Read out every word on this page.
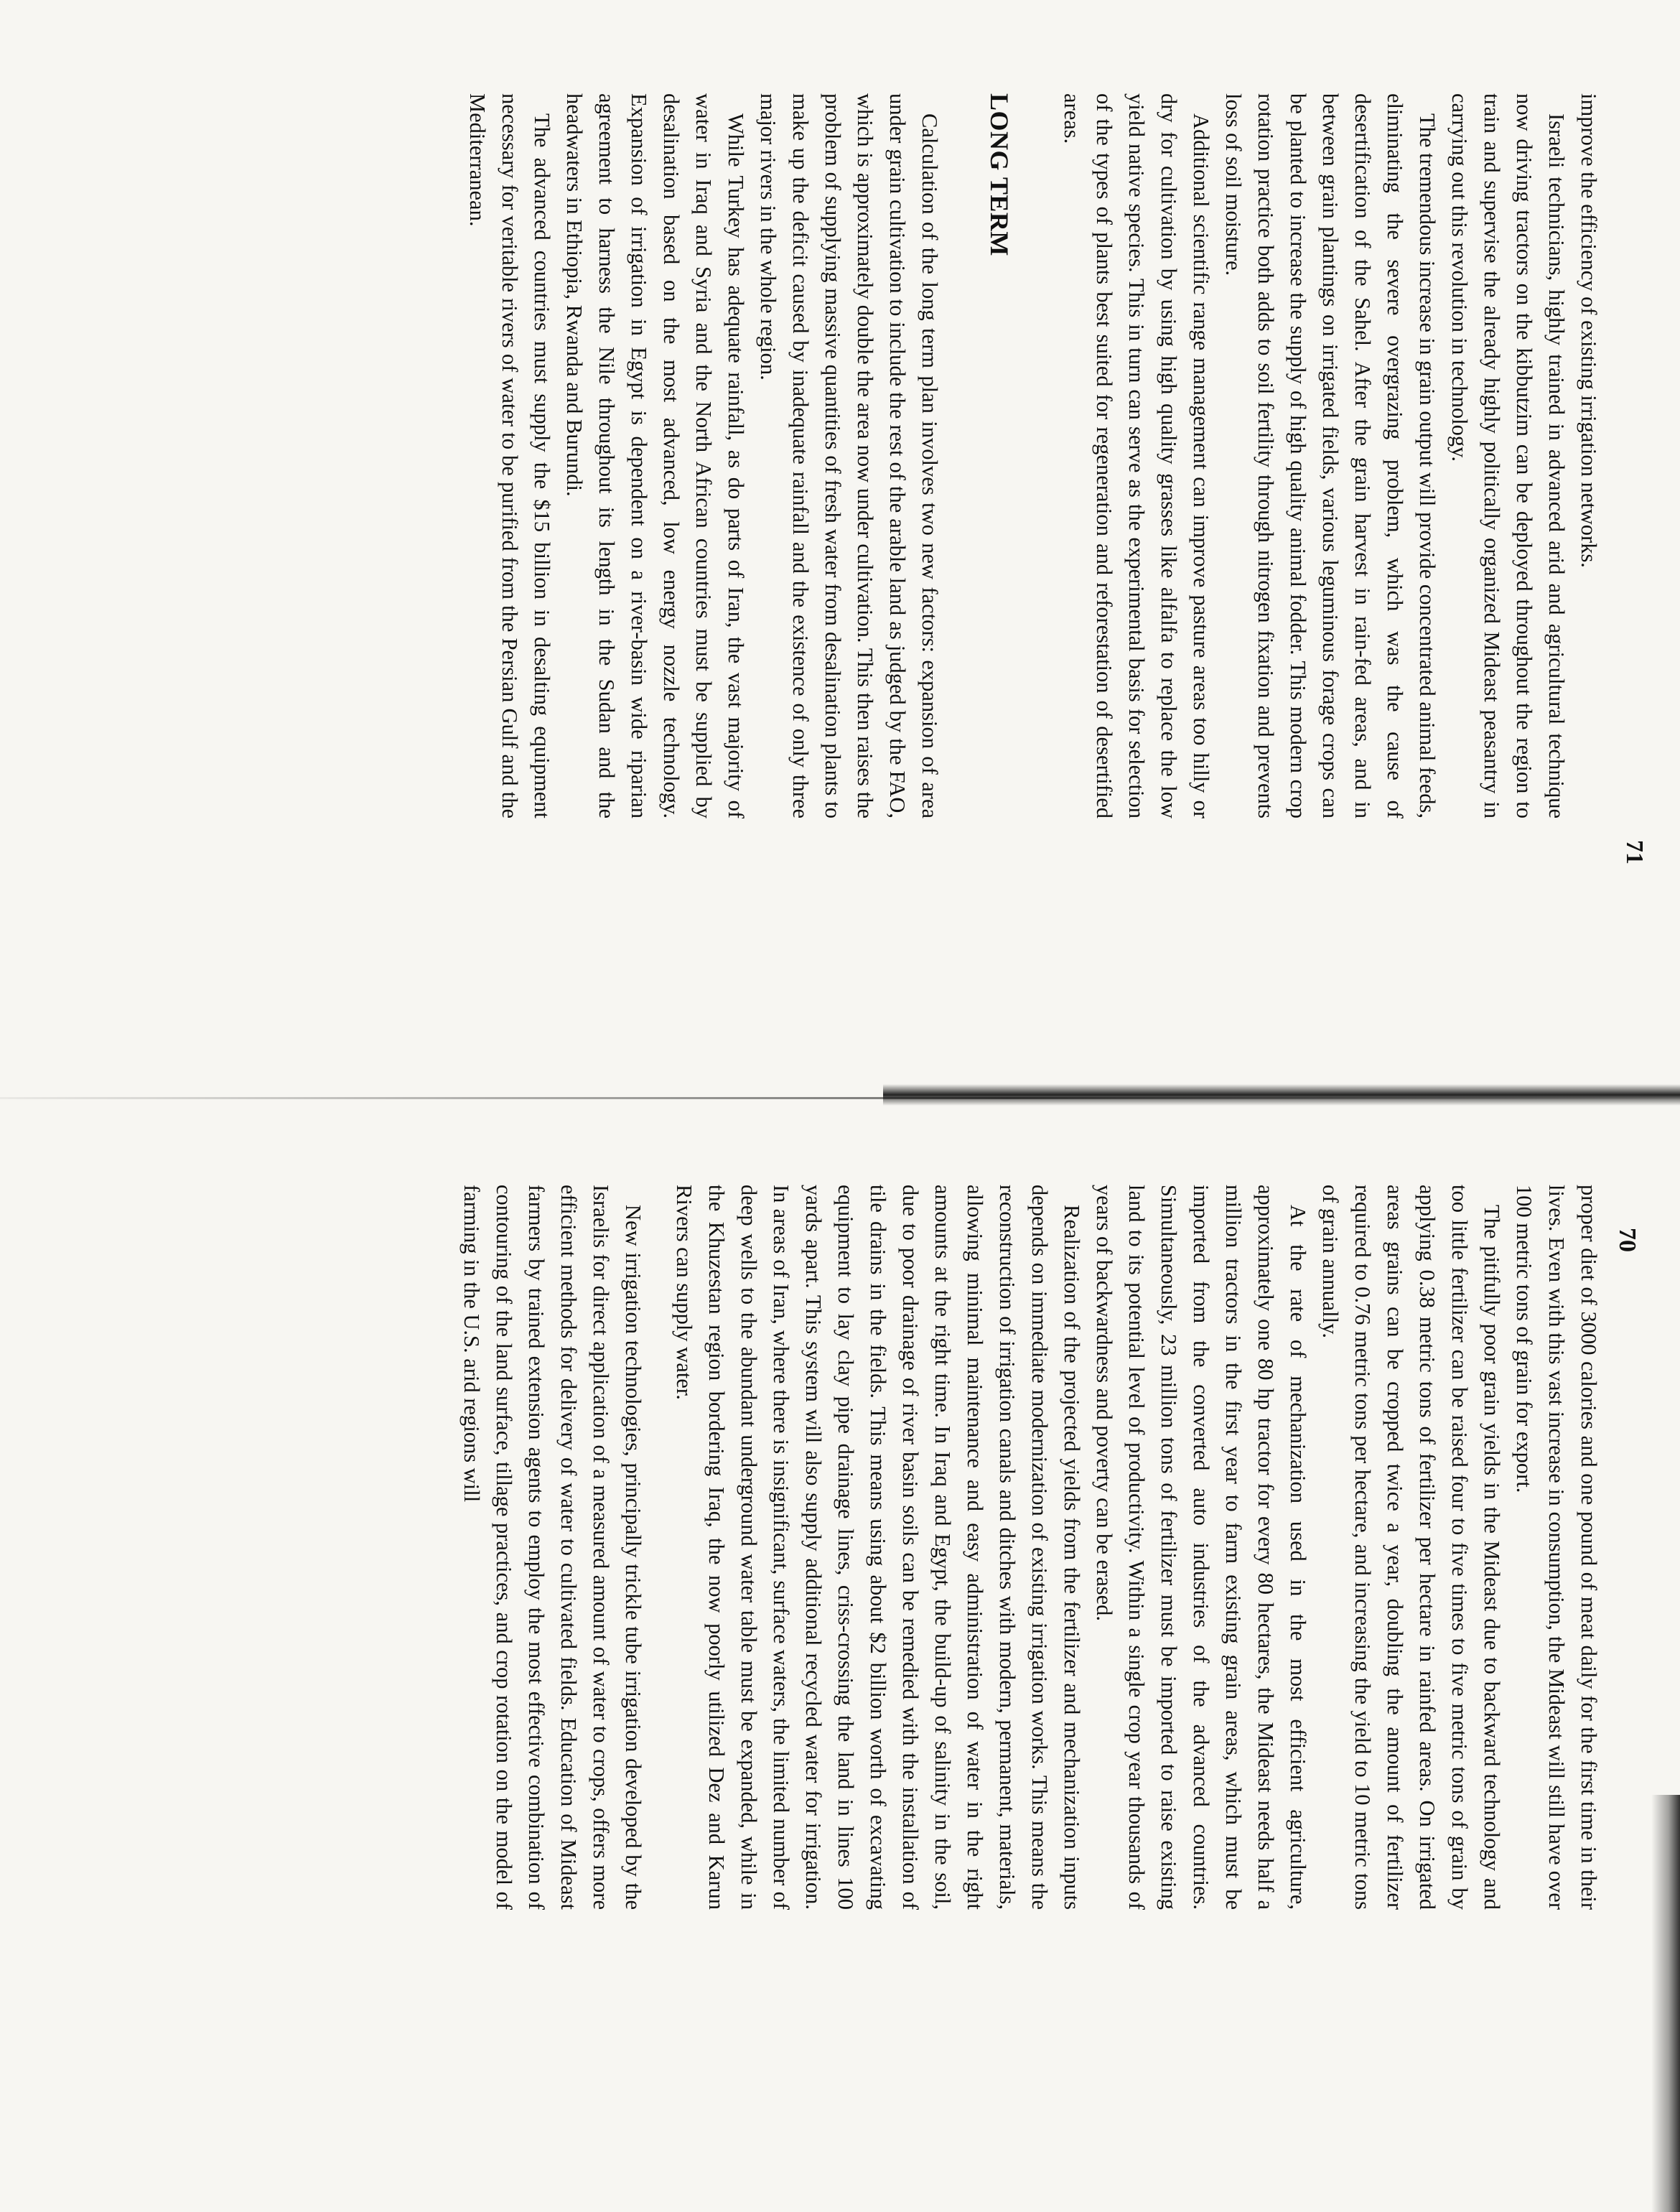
70

proper diet of 3000 calories and one pound of meat daily for the first time in their lives. Even with this vast increase in consumption, the Mideast will still have over 100 metric tons of grain for export.

The pitifully poor grain yields in the Mideast due to backward technology and too little fertilizer can be raised four to five times to five metric tons of grain by applying 0.38 metric tons of fertilizer per hectare in rainfed areas. On irrigated areas grains can be cropped twice a year, doubling the amount of fertilizer required to 0.76 metric tons per hectare, and increasing the yield to 10 metric tons of grain annually.

At the rate of mechanization used in the most efficient agriculture, approximately one 80 hp tractor for every 80 hectares, the Mideast needs half a million tractors in the first year to farm existing grain areas, which must be imported from the converted auto industries of the advanced countries. Simultaneously, 23 million tons of fertilizer must be imported to raise existing land to its potential level of productivity. Within a single crop year thousands of years of backwardness and poverty can be erased.

Realization of the projected yields from the fertilizer and mechanization inputs depends on immediate modernization of existing irrigation works. This means the reconstruction of irrigation canals and ditches with modern, permanent, materials, allowing minimal maintenance and easy administration of water in the right amounts at the right time. In Iraq and Egypt, the build-up of salinity in the soil, due to poor drainage of river basin soils can be remedied with the installation of tile drains in the fields. This means using about $2 billion worth of excavating equipment to lay clay pipe drainage lines, criss-crossing the land in lines 100 yards apart. This system will also supply additional recycled water for irrigation. In areas of Iran, where there is insignificant, surface waters, the limited number of deep wells to the abundant underground water table must be expanded, while in the Khuzestan region bordering Iraq, the now poorly utilized Dez and Karun Rivers can supply water.

New irrigation technologies, principally trickle tube irrigation developed by the Israelis for direct application of a measured amount of water to crops, offers more efficient methods for delivery of water to cultivated fields. Education of Mideast farmers by trained extension agents to employ the most effective combination of contouring of the land surface, tillage practices, and crop rotation on the model of farming in the U.S. arid regions will

71

improve the efficiency of existing irrigation networks.

Israeli technicians, highly trained in advanced arid and agricultural technique now driving tractors on the kibbutzim can be deployed throughout the region to train and supervise the already highly politically organized Mideast peasantry in carrying out this revolution in technology.

The tremendous increase in grain output will provide concentrated animal feeds, eliminating the severe overgrazing problem, which was the cause of desertification of the Sahel. After the grain harvest in rain-fed areas, and in between grain plantings on irrigated fields, various leguminous forage crops can be planted to increase the supply of high quality animal fodder. This modern crop rotation practice both adds to soil fertility through nitrogen fixation and prevents loss of soil moisture.

Additional scientific range management can improve pasture areas too hilly or dry for cultivation by using high quality grasses like alfalfa to replace the low yield native species. This in turn can serve as the experimental basis for selection of the types of plants best suited for regeneration and reforestation of desertified areas.

LONG TERM

Calculation of the long term plan involves two new factors: expansion of area under grain cultivation to include the rest of the arable land as judged by the FAO, which is approximately double the area now under cultivation. This then raises the problem of supplying massive quantities of fresh water from desalination plants to make up the deficit caused by inadequate rainfall and the existence of only three major rivers in the whole region.

While Turkey has adequate rainfall, as do parts of Iran, the vast majority of water in Iraq and Syria and the North African countries must be supplied by desalination based on the most advanced, low energy nozzle technology. Expansion of irrigation in Egypt is dependent on a river-basin wide riparian agreement to harness the Nile throughout its length in the Sudan and the headwaters in Ethiopia, Rwanda and Burundi.

The advanced countries must supply the $15 billion in desalting equipment necessary for veritable rivers of water to be purified from the Persian Gulf and the Mediterranean.
